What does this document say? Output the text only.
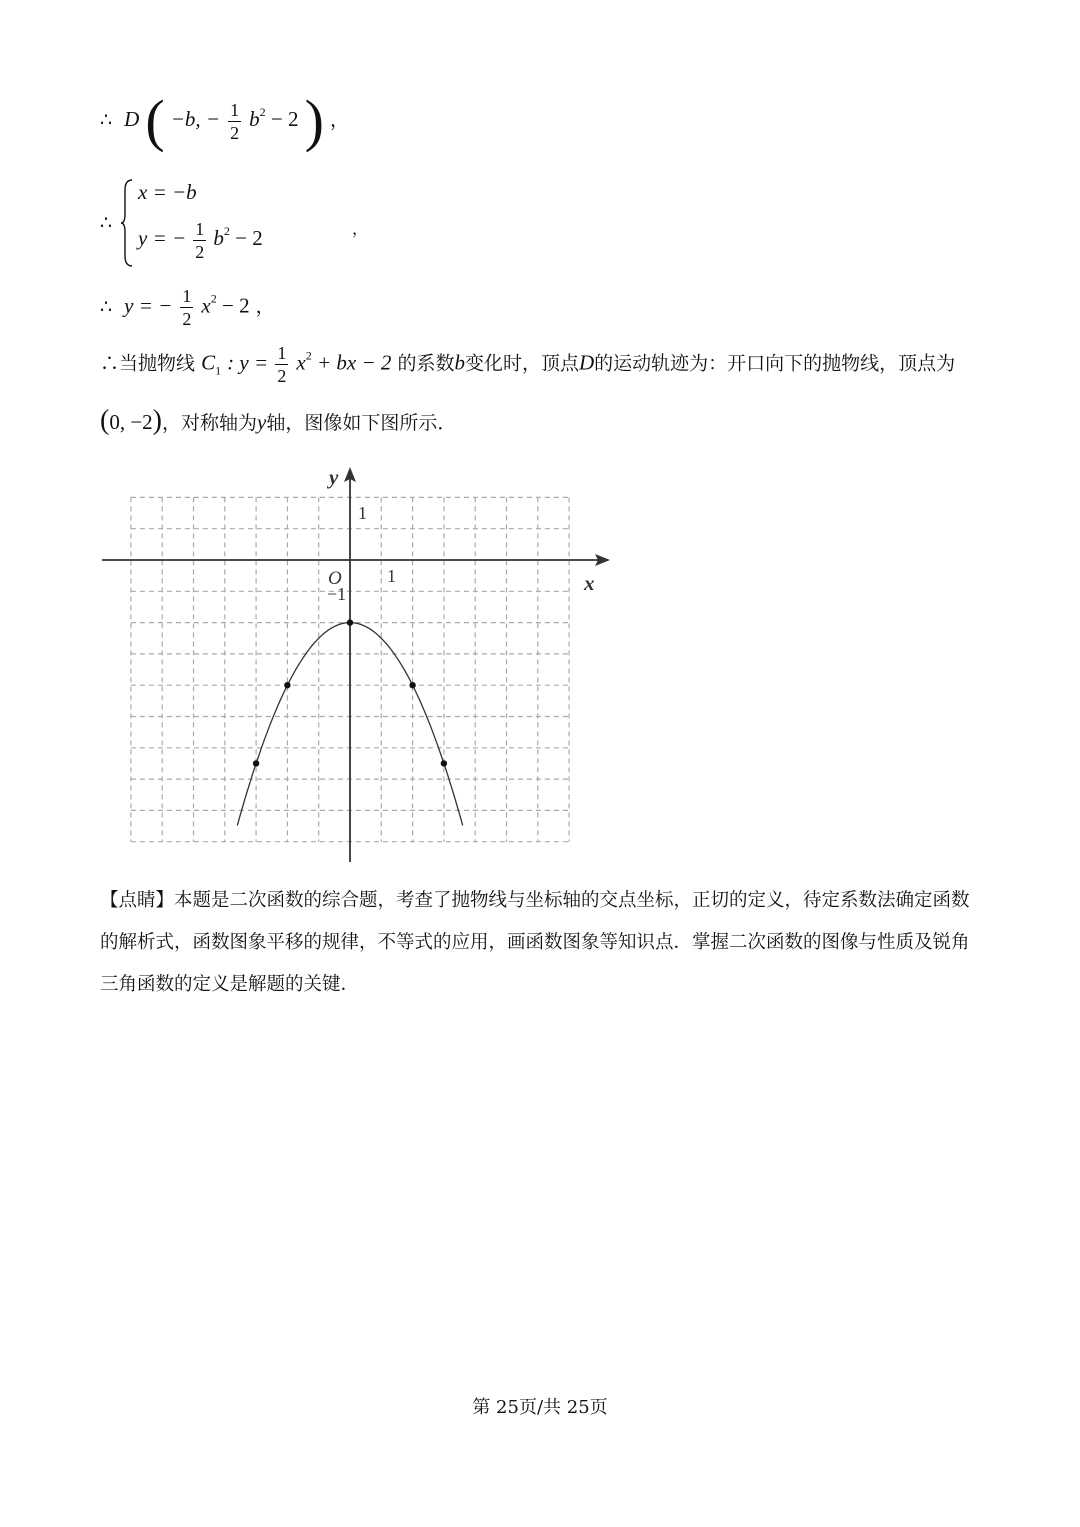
∴ D ( −b, − $\frac{1}{2} b^2 - 2$ ) ，
∴
x = −b
y = − $\frac{1}{2} b^2 - 2$	，
∴ y = − $\frac{1}{2} x^2 - 2$ ，
∴当抛物线 $C_1$ : $y = \frac{1}{2} x^2$ + bx − 2 的系数b变化时，顶点D的运动轨迹为：开口向下的抛物线，顶点为
(0, −2)，对称轴为y轴，图像如下图所示．
y
x
O	1
1
−1

【点睛】本题是二次函数的综合题，考查了抛物线与坐标轴的交点坐标，正切的定义，待定系数法确定函数的解析式，函数图象平移的规律，不等式的应用，画函数图象等知识点．掌握二次函数的图像与性质及锐角三角函数的定义是解题的关键．

第 25页/共 25页
